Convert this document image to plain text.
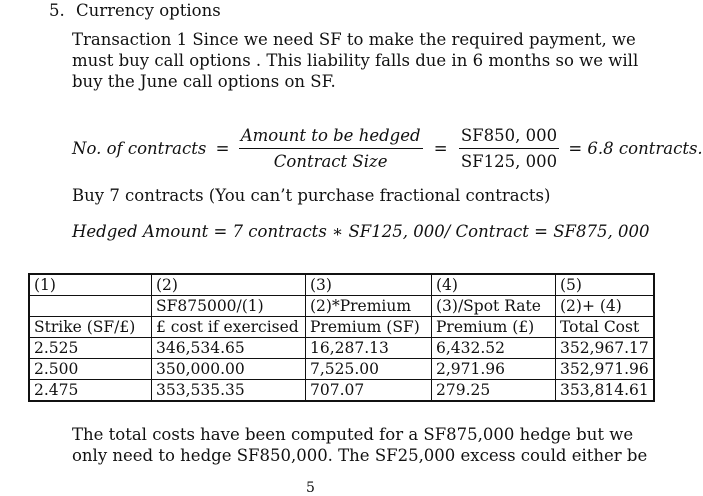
5. Currency options
Transaction 1 Since we need SF to make the required payment, we
must buy call options . This liability falls due in 6 months so we will
buy the June call options on SF.
No. of contracts = $\frac{\text{Amount to be hedged}}{\text{Contract Size}} = \frac{SF850, 000}{SF125, 000} = 6.8$ contracts.
Buy 7 contracts (You can’t purchase fractional contracts)
Hedged Amount = 7 contracts ∗ SF125, 000/ Contract = SF875, 000
(1)	(2)	(3)	(4)	(5)
	SF875000/(1)	(2)*Premium	(3)/Spot Rate	(2)+ (4)
Strike (SF/£)	£ cost if exercised	Premium (SF)	Premium (£)	Total Cost
2.525	346,534.65	16,287.13	6,432.52	352,967.17
2.500	350,000.00	7,525.00	2,971.96	352,971.96
2.475	353,535.35	707.07	279.25	353,814.61
The total costs have been computed for a SF875,000 hedge but we
only need to hedge SF850,000. The SF25,000 excess could either be
5
